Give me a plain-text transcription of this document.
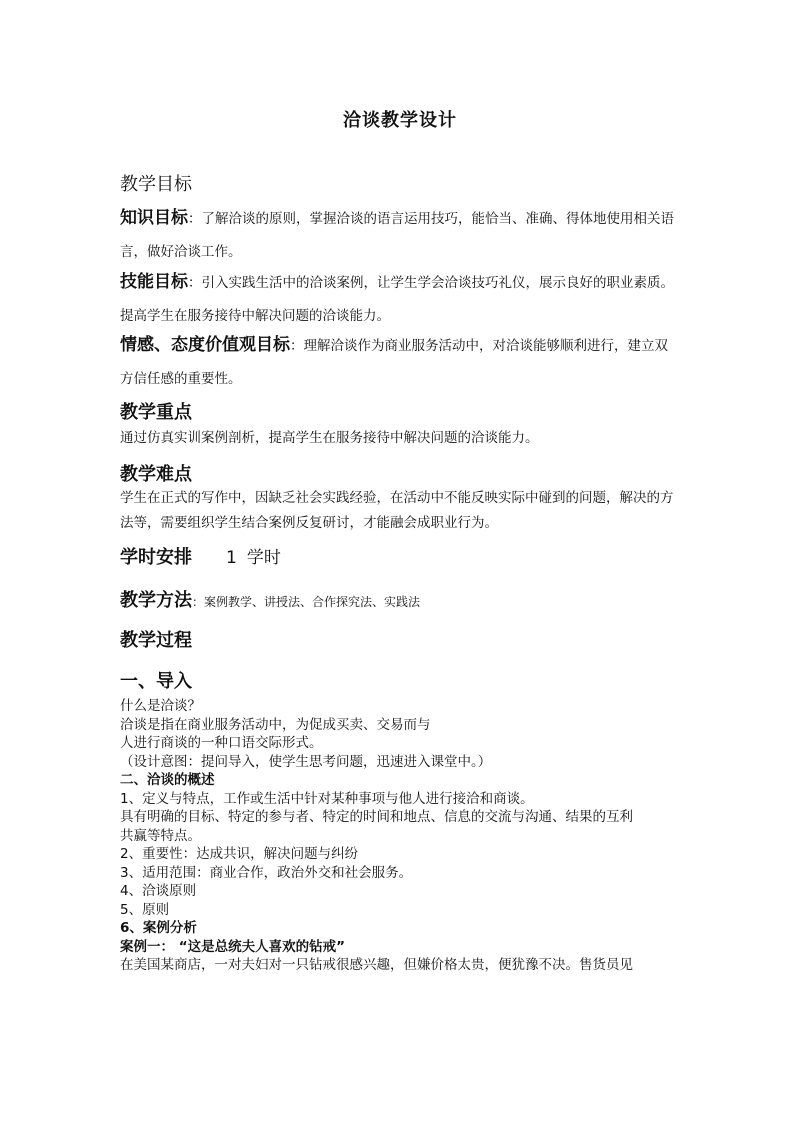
洽谈教学设计
教学目标
知识目标：了解洽谈的原则，掌握洽谈的语言运用技巧，能恰当、准确、得体地使用相关语言，做好洽谈工作。
技能目标：引入实践生活中的洽谈案例，让学生学会洽谈技巧礼仪，展示良好的职业素质。提高学生在服务接待中解决问题的洽谈能力。
情感、态度价值观目标：理解洽谈作为商业服务活动中，对洽谈能够顺利进行，建立双方信任感的重要性。
教学重点
通过仿真实训案例剖析，提高学生在服务接待中解决问题的洽谈能力。
教学难点
学生在正式的写作中，因缺乏社会实践经验，在活动中不能反映实际中碰到的问题，解决的方法等，需要组织学生结合案例反复研讨，才能融会成职业行为。
学时安排 1 学时
教学方法：案例教学、讲授法、合作探究法、实践法
教学过程
一、导入
什么是洽谈？
洽谈是指在商业服务活动中，为促成买卖、交易而与
人进行商谈的一种口语交际形式。
（设计意图：提问导入，使学生思考问题，迅速进入课堂中。）
二、洽谈的概述
1、定义与特点，工作或生活中针对某种事项与他人进行接洽和商谈。
具有明确的目标、特定的参与者、特定的时间和地点、信息的交流与沟通、结果的互利
共赢等特点。
2、重要性：达成共识，解决问题与纠纷
3、适用范围：商业合作，政治外交和社会服务。
4、洽谈原则
5、原则
6、案例分析
案例一： “这是总统夫人喜欢的钻戒”
在美国某商店，一对夫妇对一只钻戒很感兴趣，但嫌价格太贵，便犹豫不决。售货员见
